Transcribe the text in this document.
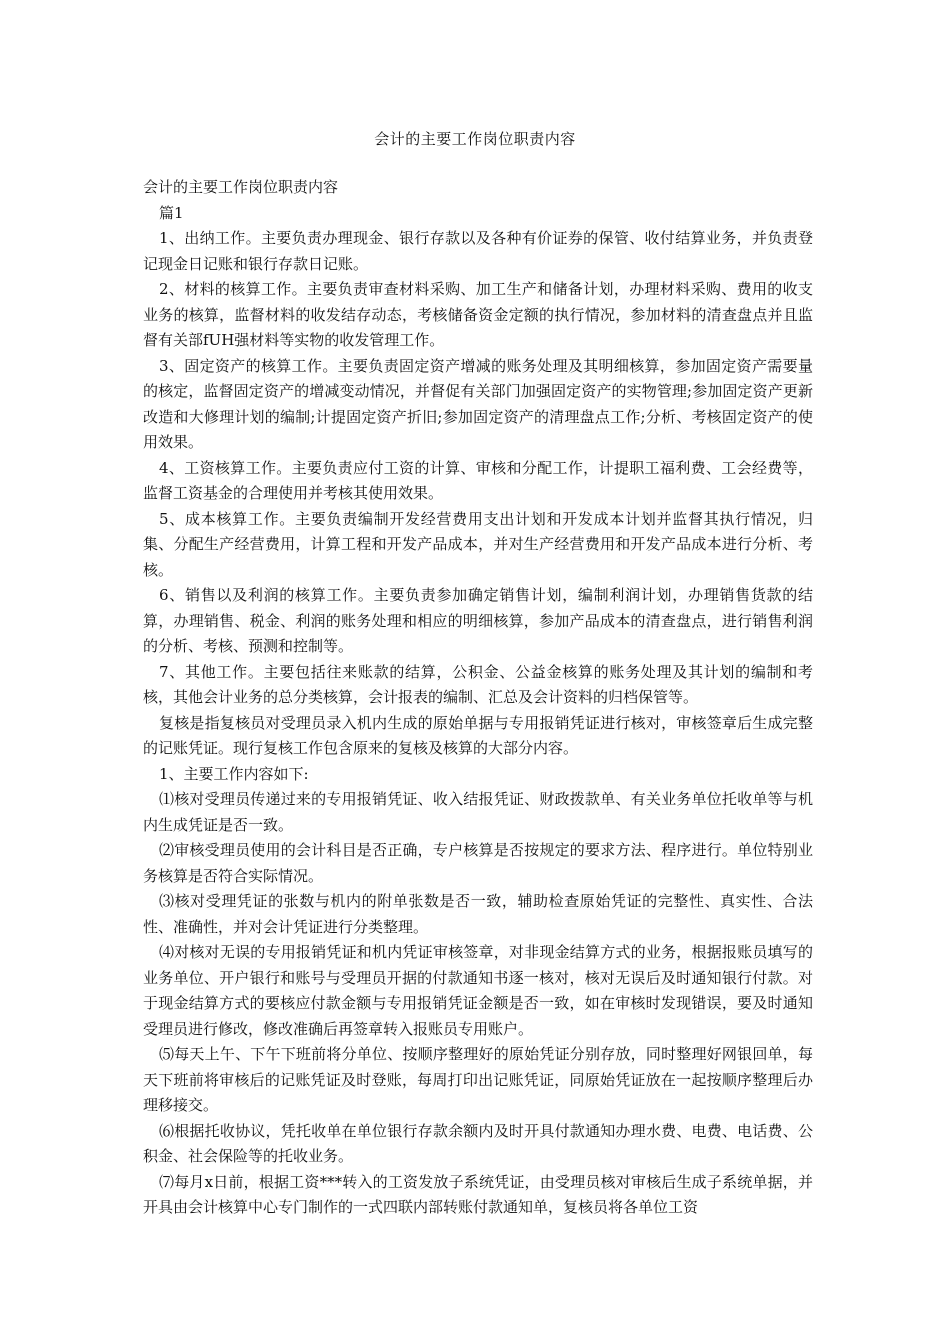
会计的主要工作岗位职责内容

会计的主要工作岗位职责内容

篇1

1、出纳工作。主要负责办理现金、银行存款以及各种有价证券的保管、收付结算业务，并负责登记现金日记账和银行存款日记账。

2、材料的核算工作。主要负责审查材料采购、加工生产和储备计划，办理材料采购、费用的收支业务的核算，监督材料的收发结存动态，考核储备资金定额的执行情况，参加材料的清查盘点并且监督有关部fUH强材料等实物的收发管理工作。

3、固定资产的核算工作。主要负责固定资产增减的账务处理及其明细核算，参加固定资产需要量的核定，监督固定资产的增减变动情况，并督促有关部门加强固定资产的实物管理;参加固定资产更新改造和大修理计划的编制;计提固定资产折旧;参加固定资产的清理盘点工作;分析、考核固定资产的使用效果。

4、工资核算工作。主要负责应付工资的计算、审核和分配工作，计提职工福利费、工会经费等，监督工资基金的合理使用并考核其使用效果。

5、成本核算工作。主要负责编制开发经营费用支出计划和开发成本计划并监督其执行情况，归集、分配生产经营费用，计算工程和开发产品成本，并对生产经营费用和开发产品成本进行分析、考核。

6、销售以及利润的核算工作。主要负责参加确定销售计划，编制利润计划，办理销售货款的结算，办理销售、税金、利润的账务处理和相应的明细核算，参加产品成本的清查盘点，进行销售利润的分析、考核、预测和控制等。

7、其他工作。主要包括往来账款的结算，公积金、公益金核算的账务处理及其计划的编制和考核，其他会计业务的总分类核算，会计报表的编制、汇总及会计资料的归档保管等。

复核是指复核员对受理员录入机内生成的原始单据与专用报销凭证进行核对，审核签章后生成完整的记账凭证。现行复核工作包含原来的复核及核算的大部分内容。

1、主要工作内容如下:

⑴核对受理员传递过来的专用报销凭证、收入结报凭证、财政拨款单、有关业务单位托收单等与机内生成凭证是否一致。

⑵审核受理员使用的会计科目是否正确，专户核算是否按规定的要求方法、程序进行。单位特别业务核算是否符合实际情况。

⑶核对受理凭证的张数与机内的附单张数是否一致，辅助检查原始凭证的完整性、真实性、合法性、准确性，并对会计凭证进行分类整理。

⑷对核对无误的专用报销凭证和机内凭证审核签章，对非现金结算方式的业务，根据报账员填写的业务单位、开户银行和账号与受理员开据的付款通知书逐一核对，核对无误后及时通知银行付款。对于现金结算方式的要核应付款金额与专用报销凭证金额是否一致，如在审核时发现错误，要及时通知受理员进行修改，修改准确后再签章转入报账员专用账户。

⑸每天上午、下午下班前将分单位、按顺序整理好的原始凭证分别存放，同时整理好网银回单，每天下班前将审核后的记账凭证及时登账，每周打印出记账凭证，同原始凭证放在一起按顺序整理后办理移接交。

⑹根据托收协议，凭托收单在单位银行存款余额内及时开具付款通知办理水费、电费、电话费、公积金、社会保险等的托收业务。

⑺每月x日前，根据工资***转入的工资发放子系统凭证，由受理员核对审核后生成子系统单据，并开具由会计核算中心专门制作的一式四联内部转账付款通知单，复核员将各单位工资
